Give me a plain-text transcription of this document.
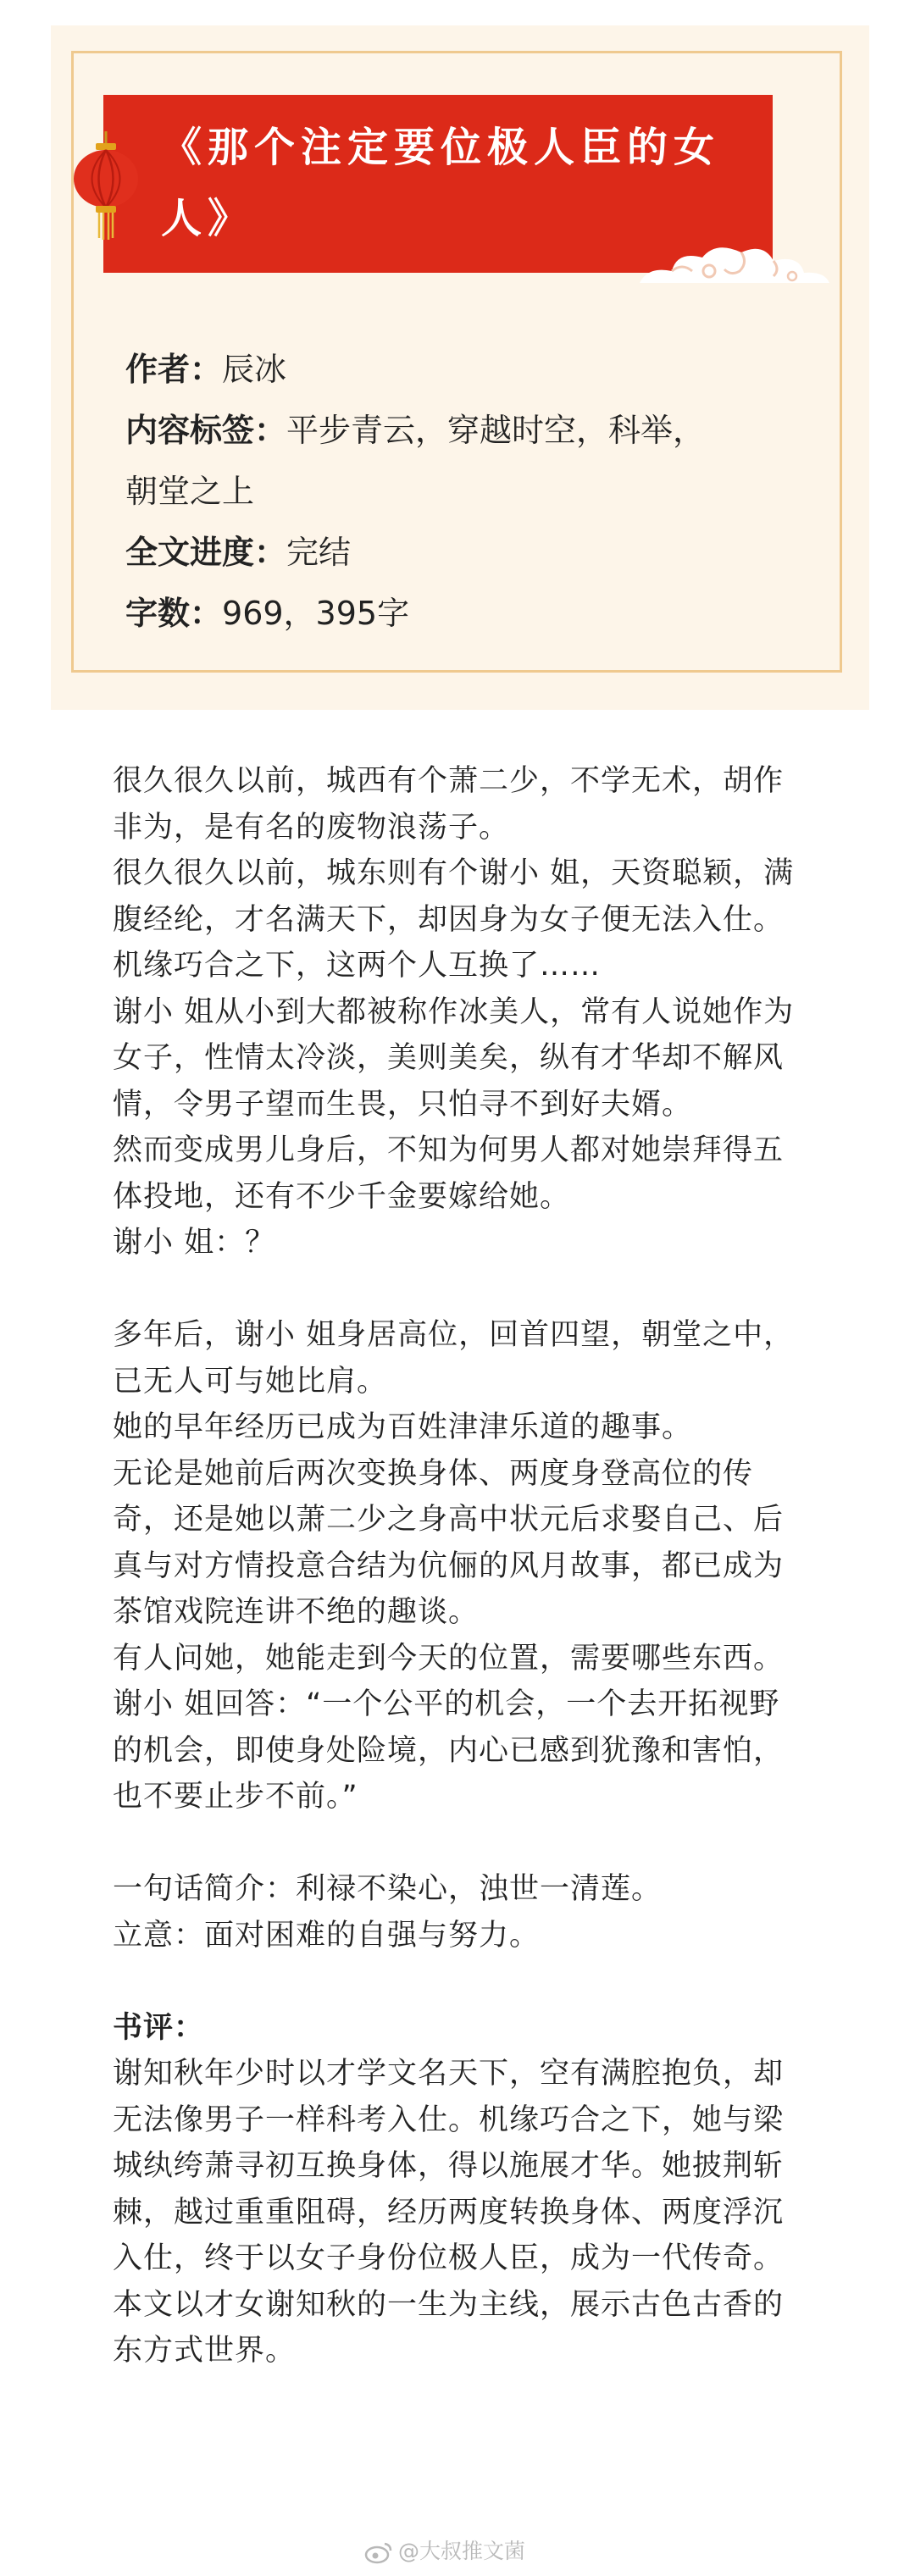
《那个注定要位极人臣的女
人》

作者：辰冰

内容标签：平步青云，穿越时空，科举，

朝堂之上

全文进度：完结

字数：969，395字

很久很久以前，城西有个萧二少，不学无术，胡作非为，是有名的废物浪荡子。

很久很久以前，城东则有个谢小 姐，天资聪颖，满腹经纶，才名满天下，却因身为女子便无法入仕。

机缘巧合之下，这两个人互换了……

谢小 姐从小到大都被称作冰美人，常有人说她作为女子，性情太冷淡，美则美矣，纵有才华却不解风情，令男子望而生畏，只怕寻不到好夫婿。

然而变成男儿身后，不知为何男人都对她崇拜得五体投地，还有不少千金要嫁给她。

谢小 姐：？

多年后，谢小 姐身居高位，回首四望，朝堂之中，已无人可与她比肩。

她的早年经历已成为百姓津津乐道的趣事。

无论是她前后两次变换身体、两度身登高位的传奇，还是她以萧二少之身高中状元后求娶自己、后真与对方情投意合结为伉俪的风月故事，都已成为茶馆戏院连讲不绝的趣谈。

有人问她，她能走到今天的位置，需要哪些东西。

谢小 姐回答：“一个公平的机会，一个去开拓视野的机会，即使身处险境，内心已感到犹豫和害怕，也不要止步不前。”

一句话简介：利禄不染心，浊世一清莲。

立意：面对困难的自强与努力。

书评：

谢知秋年少时以才学文名天下，空有满腔抱负，却无法像男子一样科考入仕。机缘巧合之下，她与梁城纨绔萧寻初互换身体，得以施展才华。她披荆斩棘，越过重重阻碍，经历两度转换身体、两度浮沉入仕，终于以女子身份位极人臣，成为一代传奇。本文以才女谢知秋的一生为主线，展示古色古香的东方式世界。

@大叔推文菌
